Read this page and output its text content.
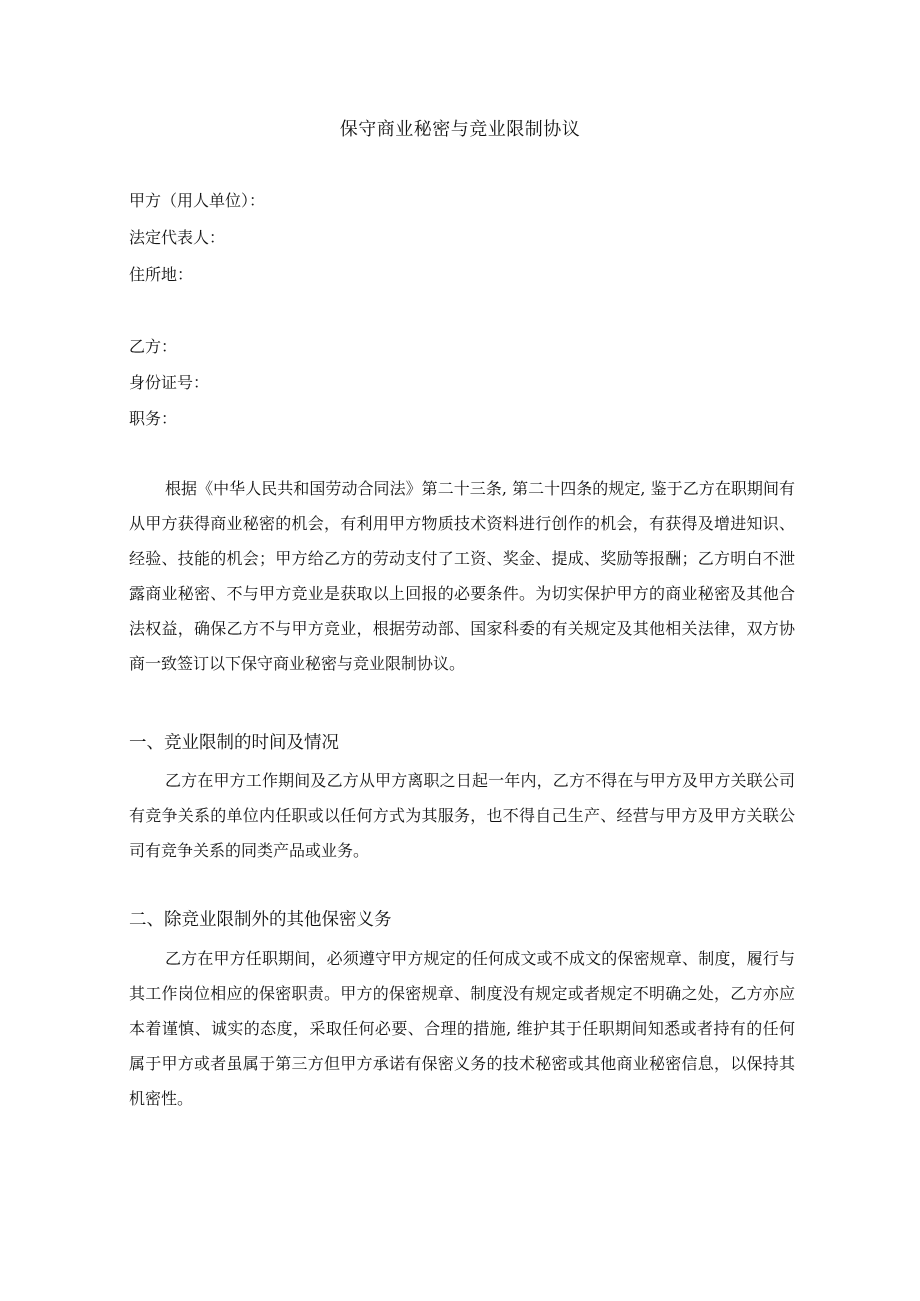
保守商业秘密与竞业限制协议
甲方（用人单位）：
法定代表人：
住所地：
乙方：
身份证号：
职务：

根据《中华人民共和国劳动合同法》第二十三条, 第二十四条的规定, 鉴于乙方在职期间有从甲方获得商业秘密的机会，有利用甲方物质技术资料进行创作的机会，有获得及增进知识、经验、技能的机会；甲方给乙方的劳动支付了工资、奖金、提成、奖励等报酬；乙方明白不泄露商业秘密、不与甲方竞业是获取以上回报的必要条件。为切实保护甲方的商业秘密及其他合法权益，确保乙方不与甲方竞业，根据劳动部、国家科委的有关规定及其他相关法律，双方协商一致签订以下保守商业秘密与竞业限制协议。

一、竞业限制的时间及情况

乙方在甲方工作期间及乙方从甲方离职之日起一年内，乙方不得在与甲方及甲方关联公司有竞争关系的单位内任职或以任何方式为其服务，也不得自己生产、经营与甲方及甲方关联公司有竞争关系的同类产品或业务。

二、除竞业限制外的其他保密义务

乙方在甲方任职期间，必须遵守甲方规定的任何成文或不成文的保密规章、制度，履行与其工作岗位相应的保密职责。甲方的保密规章、制度没有规定或者规定不明确之处，乙方亦应本着谨慎、诚实的态度，采取任何必要、合理的措施, 维护其于任职期间知悉或者持有的任何属于甲方或者虽属于第三方但甲方承诺有保密义务的技术秘密或其他商业秘密信息，以保持其机密性。
